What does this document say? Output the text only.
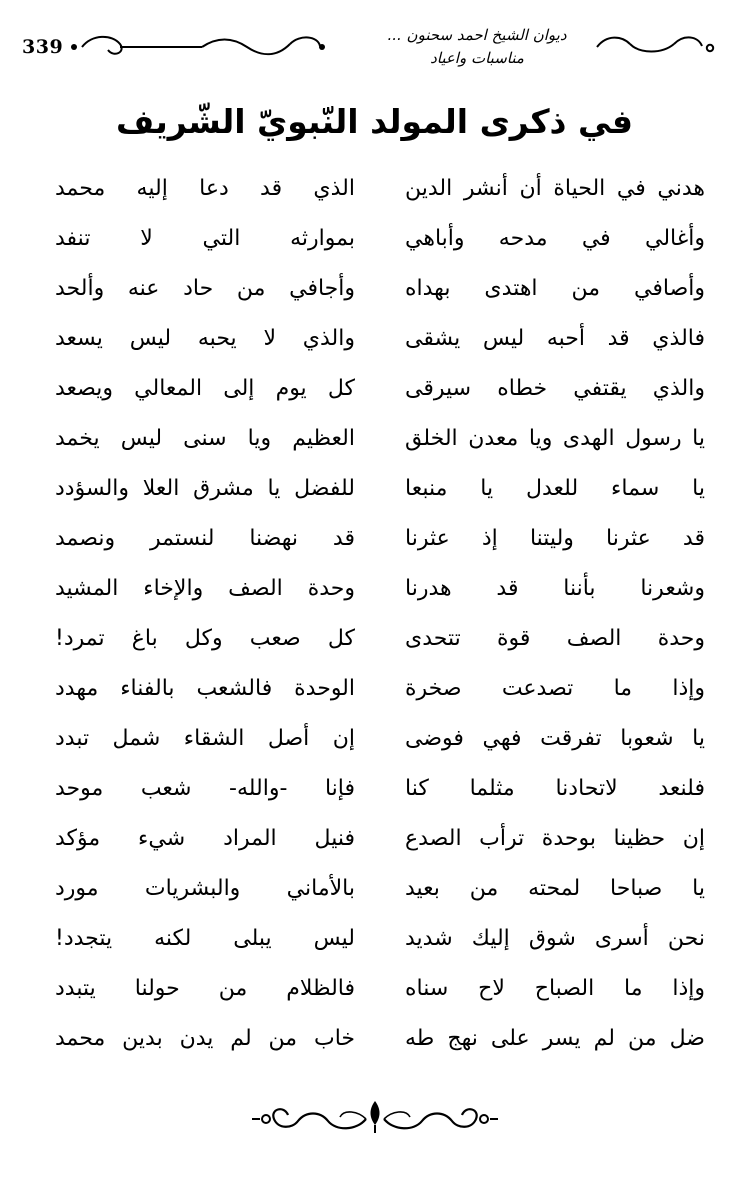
339
ديوان الشيخ احمد سحنون ...
مناسبات واعياد
في ذكرى المولد النّبويّ الشّريف
هدني في الحياة أن أنشر الدين
الذي قد دعا إليه محمد
وأغالي في مدحه وأباهي
بموارثه التي لا تنفد
وأصافي من اهتدى بهداه
وأجافي من حاد عنه وألحد
فالذي قد أحبه ليس يشقى
والذي لا يحبه ليس يسعد
والذي يقتفي خطاه سيرقى
كل يوم إلى المعالي ويصعد
يا رسول الهدى ويا معدن الخلق
العظيم ويا سنى ليس يخمد
يا سماء للعدل يا منبعا
للفضل يا مشرق العلا والسؤدد
قد عثرنا وليتنا إذ عثرنا
قد نهضنا لنستمر ونصمد
وشعرنا بأننا قد هدرنا
وحدة الصف والإخاء المشيد
وحدة الصف قوة تتحدى
كل صعب وكل باغ تمرد!
وإذا ما تصدعت صخرة
الوحدة فالشعب بالفناء مهدد
يا شعوبا تفرقت فهي فوضى
إن أصل الشقاء شمل تبدد
فلنعد لاتحادنا مثلما كنا
فإنا -والله- شعب موحد
إن حظينا بوحدة ترأب الصدع
فنيل المراد شيء مؤكد
يا صباحا لمحته من بعيد
بالأماني والبشريات مورد
نحن أسرى شوق إليك شديد
ليس يبلى لكنه يتجدد!
وإذا ما الصباح لاح سناه
فالظلام من حولنا يتبدد
ضل من لم يسر على نهج طه
خاب من لم يدن بدين محمد
